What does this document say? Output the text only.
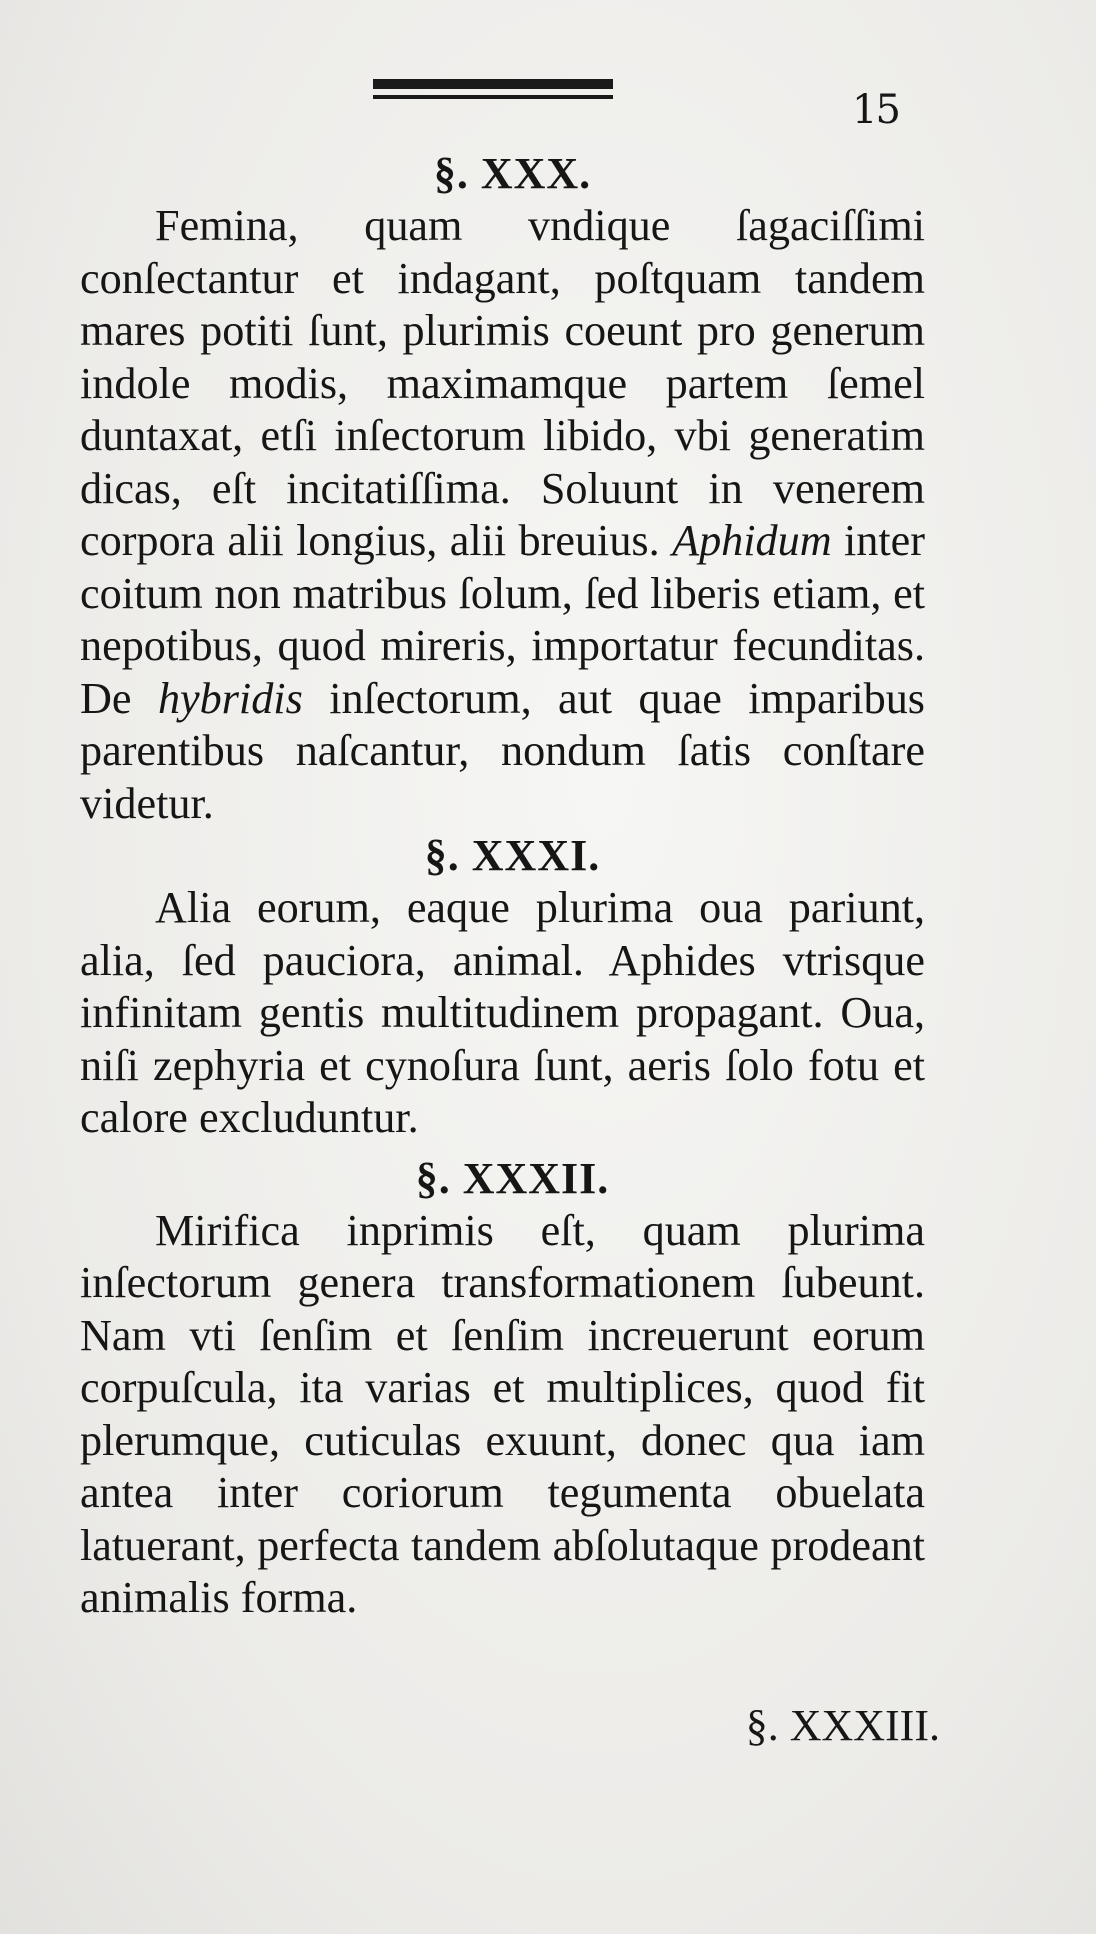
15
§. XXX.

Femina, quam vndique ſagaciſſimi conſectantur et indagant, poſtquam tandem mares potiti ſunt, plurimis coeunt pro generum indole modis, maximamque partem ſemel duntaxat, etſi inſectorum libido, vbi generatim dicas, eſt incitatiſſima. Soluunt in venerem corpora alii longius, alii breuius. Aphidum inter coitum non matribus ſolum, ſed liberis etiam, et nepotibus, quod mireris, importatur fecunditas. De hybridis inſectorum, aut quae imparibus parentibus naſcantur, nondum ſatis conſtare videtur.

§. XXXI.

Alia eorum, eaque plurima oua pariunt, alia, ſed pauciora, animal. Aphides vtrisque infinitam gentis multitudinem propagant. Oua, niſi zephyria et cynoſura ſunt, aeris ſolo fotu et calore excluduntur.

§. XXXII.

Mirifica inprimis eſt, quam plurima inſectorum genera transformationem ſubeunt. Nam vti ſenſim et ſenſim increuerunt eorum corpuſcula, ita varias et multiplices, quod fit plerumque, cuticulas exuunt, donec qua iam antea inter coriorum tegumenta obuelata latuerant, perfecta tandem abſolutaque prodeant animalis forma.

§. XXXIII.
